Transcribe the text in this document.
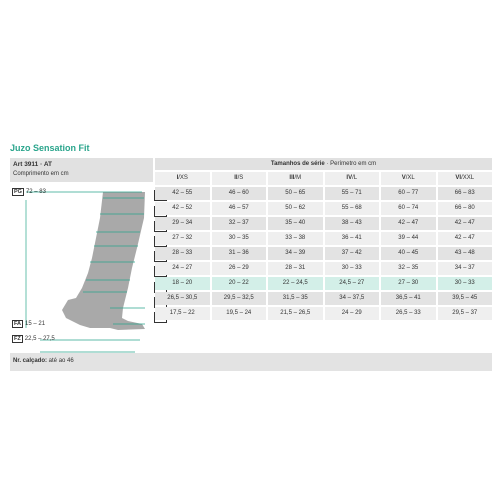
Juzo Sensation Fit
Art 3911 · AT
Comprimento em cm
PG 72 – 83
FA 15 – 21
FZ 22,5 – 27,5
Tamanhos de série · Perímetro em cm
I/XS	II/S	III/M	IV/L	V/XL	VI/XXL
42 – 55	46 – 60	50 – 65	55 – 71	60 – 77	66 – 83
42 – 52	46 – 57	50 – 62	55 – 68	60 – 74	66 – 80
29 – 34	32 – 37	35 – 40	38 – 43	42 – 47	42 – 47
27 – 32	30 – 35	33 – 38	36 – 41	39 – 44	42 – 47
28 – 33	31 – 36	34 – 39	37 – 42	40 – 45	43 – 48
24 – 27	26 – 29	28 – 31	30 – 33	32 – 35	34 – 37
18 – 20	20 – 22	22 – 24,5	24,5 – 27	27 – 30	30 – 33
26,5 – 30,5	29,5 – 32,5	31,5 – 35	34 – 37,5	36,5 – 41	39,5 – 45
17,5 – 22	19,5 – 24	21,5 – 26,5	24 – 29	26,5 – 33	29,5 – 37
Nr. calçado: até ao 46
